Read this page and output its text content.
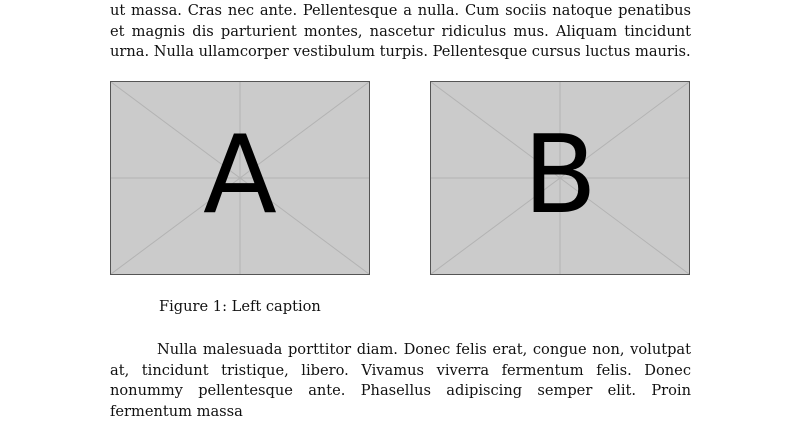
ut massa. Cras nec ante. Pellentesque a nulla. Cum sociis natoque penatibus et magnis dis parturient montes, nascetur ridiculus mus. Aliquam tincidunt urna. Nulla ullamcorper vestibulum turpis. Pellentesque cursus luctus mauris.
A	B
Figure 1: Left caption
Nulla malesuada porttitor diam. Donec felis erat, congue non, volutpat at, tincidunt tristique, libero. Vivamus viverra fermentum felis. Donec nonummy pellentesque ante. Phasellus adipiscing semper elit. Proin fermentum massa
